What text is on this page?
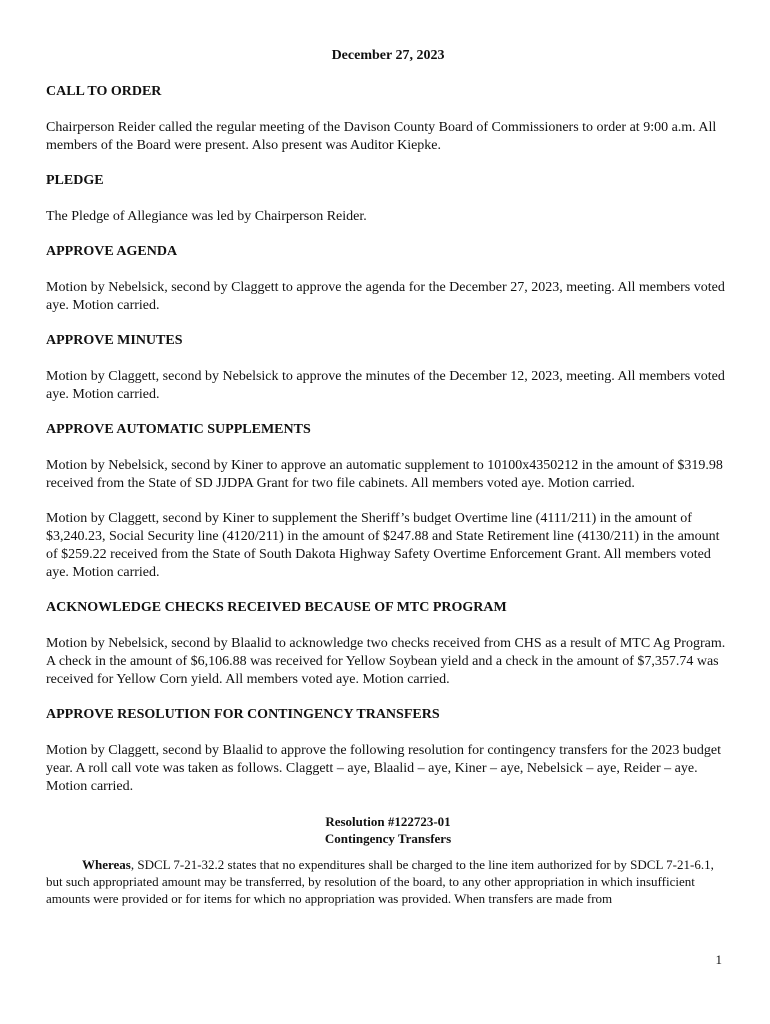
December 27, 2023

CALL TO ORDER

Chairperson Reider called the regular meeting of the Davison County Board of Commissioners to order at 9:00 a.m. All members of the Board were present. Also present was Auditor Kiepke.

PLEDGE

The Pledge of Allegiance was led by Chairperson Reider.

APPROVE AGENDA

Motion by Nebelsick, second by Claggett to approve the agenda for the December 27, 2023, meeting. All members voted aye. Motion carried.

APPROVE MINUTES

Motion by Claggett, second by Nebelsick to approve the minutes of the December 12, 2023, meeting. All members voted aye. Motion carried.

APPROVE AUTOMATIC SUPPLEMENTS

Motion by Nebelsick, second by Kiner to approve an automatic supplement to 10100x4350212 in the amount of $319.98 received from the State of SD JJDPA Grant for two file cabinets. All members voted aye. Motion carried.

Motion by Claggett, second by Kiner to supplement the Sheriff’s budget Overtime line (4111/211) in the amount of $3,240.23, Social Security line (4120/211) in the amount of $247.88 and State Retirement line (4130/211) in the amount of $259.22 received from the State of South Dakota Highway Safety Overtime Enforcement Grant. All members voted aye. Motion carried.

ACKNOWLEDGE CHECKS RECEIVED BECAUSE OF MTC PROGRAM

Motion by Nebelsick, second by Blaalid to acknowledge two checks received from CHS as a result of MTC Ag Program. A check in the amount of $6,106.88 was received for Yellow Soybean yield and a check in the amount of $7,357.74 was received for Yellow Corn yield. All members voted aye. Motion carried.

APPROVE RESOLUTION FOR CONTINGENCY TRANSFERS

Motion by Claggett, second by Blaalid to approve the following resolution for contingency transfers for the 2023 budget year. A roll call vote was taken as follows. Claggett – aye, Blaalid – aye, Kiner – aye, Nebelsick – aye, Reider – aye. Motion carried.

Resolution #122723-01

Contingency Transfers

Whereas, SDCL 7-21-32.2 states that no expenditures shall be charged to the line item authorized for by SDCL 7-21-6.1, but such appropriated amount may be transferred, by resolution of the board, to any other appropriation in which insufficient amounts were provided or for items for which no appropriation was provided. When transfers are made from

1
